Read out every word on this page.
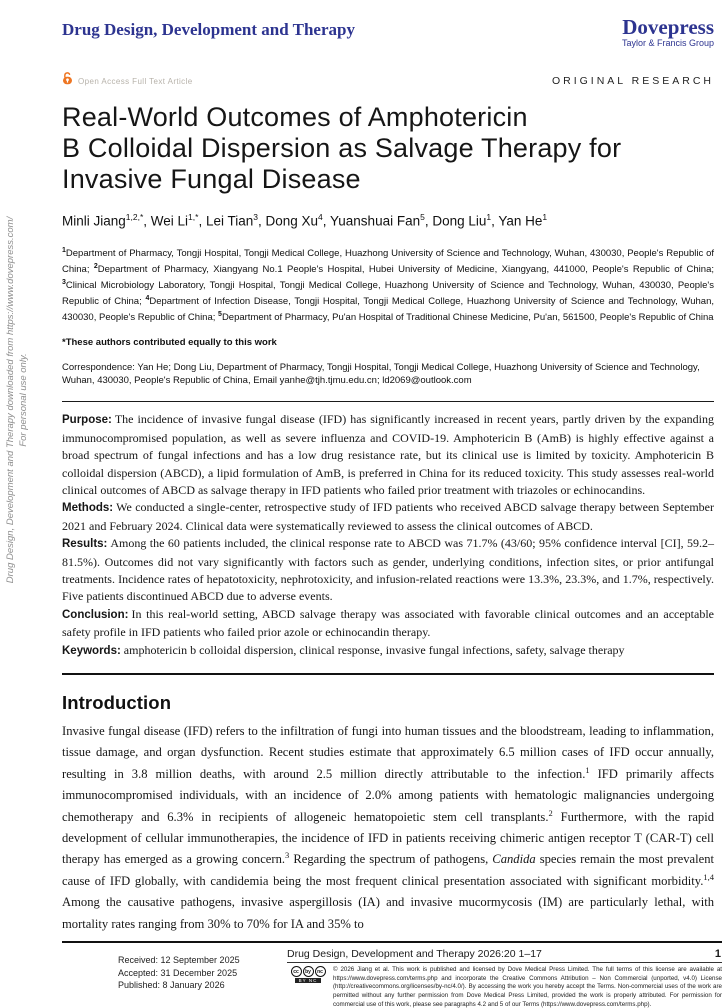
Drug Design, Development and Therapy downloaded from https://www.dovepress.com/ For personal use only.
Drug Design, Development and Therapy	Dovepress
Taylor & Francis Group
Open Access Full Text Article	ORIGINAL RESEARCH
Real-World Outcomes of Amphotericin
B Colloidal Dispersion as Salvage Therapy for
Invasive Fungal Disease
Minli Jiang$^{1,2,*}$, Wei $Li^{1,*}$, Lei Tian$^3$, Dong Xu$^4$, Yuanshuai Fan$^5$, Dong Liu$^1$, Yan He$^1$
$^1$Department of Pharmacy, Tongji Hospital, Tongji Medical College, Huazhong University of Science and Technology, Wuhan, 430030, People's Republic of China; $^2$Department of Pharmacy, Xiangyang No.1 People's Hospital, Hubei University of Medicine, Xiangyang, 441000, People's Republic of China; $^3$Clinical Microbiology Laboratory, Tongji Hospital, Tongji Medical College, Huazhong University of Science and Technology, Wuhan, 430030, People's Republic of China; $^4$Department of Infection Disease, Tongji Hospital, Tongji Medical College, Huazhong University of Science and Technology, Wuhan, 430030, People's Republic of China; $^5$Department of Pharmacy, Pu'an Hospital of Traditional Chinese Medicine, Pu'an, 561500, People's Republic of China
*These authors contributed equally to this work
Correspondence: Yan He; Dong Liu, Department of Pharmacy, Tongji Hospital, Tongji Medical College, Huazhong University of Science and Technology, Wuhan, 430030, People's Republic of China, Email yanhe@tjh.tjmu.edu.cn; ld2069@outlook.com

Purpose: The incidence of invasive fungal disease (IFD) has significantly increased in recent years, partly driven by the expanding immunocompromised population, as well as severe influenza and COVID-19. Amphotericin B (AmB) is highly effective against a broad spectrum of fungal infections and has a low drug resistance rate, but its clinical use is limited by toxicity. Amphotericin B colloidal dispersion (ABCD), a lipid formulation of AmB, is preferred in China for its reduced toxicity. This study assesses real-world clinical outcomes of ABCD as salvage therapy in IFD patients who failed prior treatment with triazoles or echinocandins.

Methods: We conducted a single-center, retrospective study of IFD patients who received ABCD salvage therapy between September 2021 and February 2024. Clinical data were systematically reviewed to assess the clinical outcomes of ABCD.

Results: Among the 60 patients included, the clinical response rate to ABCD was 71.7% (43/60; 95% confidence interval [CI], 59.2–81.5%). Outcomes did not vary significantly with factors such as gender, underlying conditions, infection sites, or prior antifungal treatments. Incidence rates of hepatotoxicity, nephrotoxicity, and infusion-related reactions were 13.3%, 23.3%, and 1.7%, respectively. Five patients discontinued ABCD due to adverse events.

Conclusion: In this real-world setting, ABCD salvage therapy was associated with favorable clinical outcomes and an acceptable safety profile in IFD patients who failed prior azole or echinocandin therapy.

Keywords: amphotericin b colloidal dispersion, clinical response, invasive fungal infections, safety, salvage therapy

Introduction

Invasive fungal disease (IFD) refers to the infiltration of fungi into human tissues and the bloodstream, leading to inflammation, tissue damage, and organ dysfunction. Recent studies estimate that approximately 6.5 million cases of IFD occur annually, resulting in 3.8 million deaths, with around 2.5 million directly attributable to the infection.$^1$ IFD primarily affects immunocompromised individuals, with an incidence of 2.0% among patients with hematologic malignancies undergoing chemotherapy and 6.3% in recipients of allogeneic hematopoietic stem cell transplants.$^2$ Furthermore, with the rapid development of cellular immunotherapies, the incidence of IFD in patients receiving chimeric antigen receptor T (CAR-T) cell therapy has emerged as a growing concern.$^3$ Regarding the spectrum of pathogens, Candida species remain the most prevalent cause of IFD globally, with candidemia being the most frequent clinical presentation associated with significant morbidity.$^{1,4}$ Among the causative pathogens, invasive aspergillosis (IA) and invasive mucormycosis (IM) are particularly lethal, with mortality rates ranging from 30% to 70% for IA and 35% to

Received: 12 September 2025
Accepted: 31 December 2025
Published: 8 January 2026
Drug Design, Development and Therapy 2026:20 1–17	1
cc	by	nc
BY NC
© 2026 Jiang et al. This work is published and licensed by Dove Medical Press Limited. The full terms of this license are available at https://www.dovepress.com/terms.php and incorporate the Creative Commons Attribution – Non Commercial (unported, v4.0) License (http://creativecommons.org/licenses/by-nc/4.0/). By accessing the work you hereby accept the Terms. Non-commercial uses of the work are permitted without any further permission from Dove Medical Press Limited, provided the work is properly attributed. For permission for commercial use of this work, please see paragraphs 4.2 and 5 of our Terms (https://www.dovepress.com/terms.php).
